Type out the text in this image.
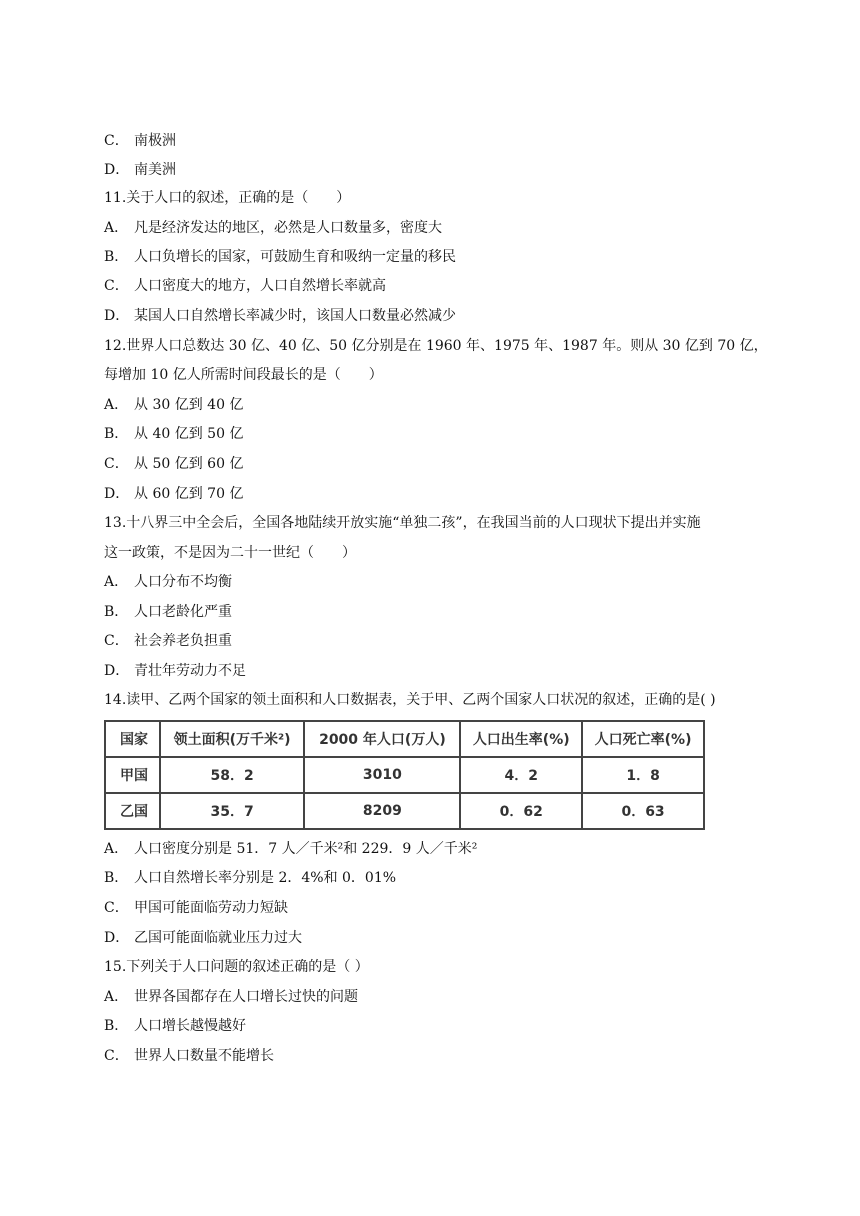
C． 南极洲
D． 南美洲
11.关于人口的叙述，正确的是（　　）
A． 凡是经济发达的地区，必然是人口数量多，密度大
B． 人口负增长的国家，可鼓励生育和吸纳一定量的移民
C． 人口密度大的地方，人口自然增长率就高
D． 某国人口自然增长率减少时，该国人口数量必然减少
12.世界人口总数达 30 亿、40 亿、50 亿分别是在 1960 年、1975 年、1987 年。则从 30 亿到 70 亿，
每增加 10 亿人所需时间段最长的是（　　）
A． 从 30 亿到 40 亿
B． 从 40 亿到 50 亿
C． 从 50 亿到 60 亿
D． 从 60 亿到 70 亿
13.十八界三中全会后，全国各地陆续开放实施“单独二孩”，在我国当前的人口现状下提出并实施
这一政策，不是因为二十一世纪（　　）
A． 人口分布不均衡
B． 人口老龄化严重
C． 社会养老负担重
D． 青壮年劳动力不足
14.读甲、乙两个国家的领土面积和人口数据表，关于甲、乙两个国家人口状况的叙述，正确的是( )
国家	领土面积(万千米²)	2000 年人口(万人)	人口出生率(%)	人口死亡率(%)
甲国	58．2	3010	4．2	1．8
乙国	35．7	8209	0．62	0．63
A． 人口密度分别是 51．7 人／千米²和 229．9 人／千米²
B． 人口自然增长率分别是 2．4%和 0．01%
C． 甲国可能面临劳动力短缺
D． 乙国可能面临就业压力过大
15.下列关于人口问题的叙述正确的是（ ）
A． 世界各国都存在人口增长过快的问题
B． 人口增长越慢越好
C． 世界人口数量不能增长
